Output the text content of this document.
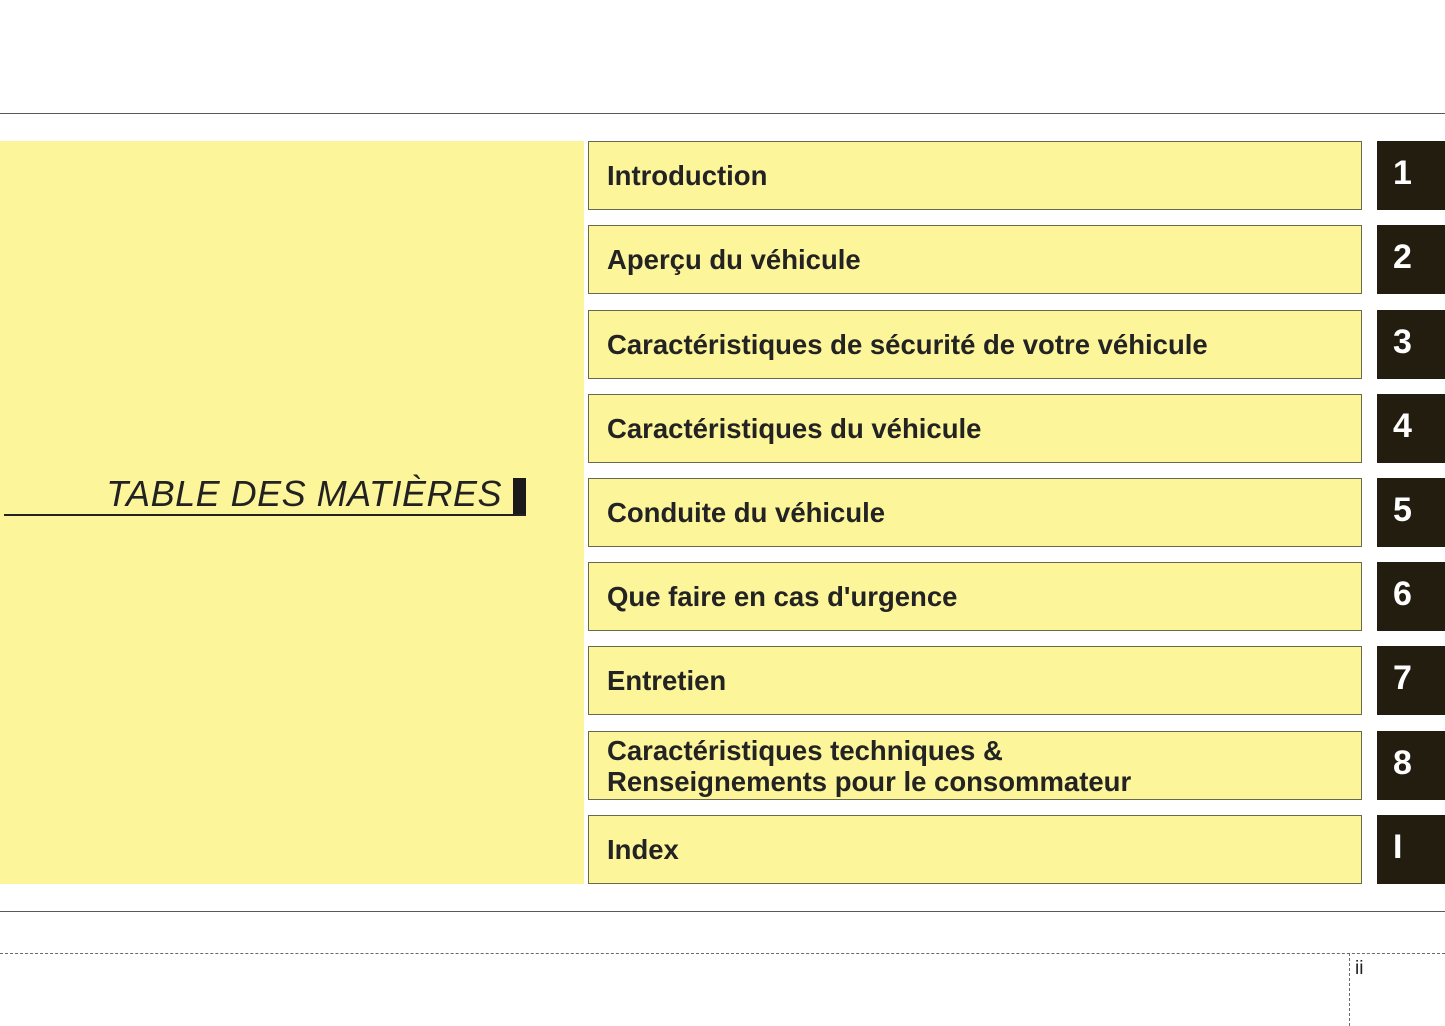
TABLE DES MATIÈRES
Introduction	1
Aperçu du véhicule	2
Caractéristiques de sécurité de votre véhicule	3
Caractéristiques du véhicule	4
Conduite du véhicule	5
Que faire en cas d'urgence	6
Entretien	7
Caractéristiques techniques &
Renseignements pour le consommateur	8
Index	I
ii
